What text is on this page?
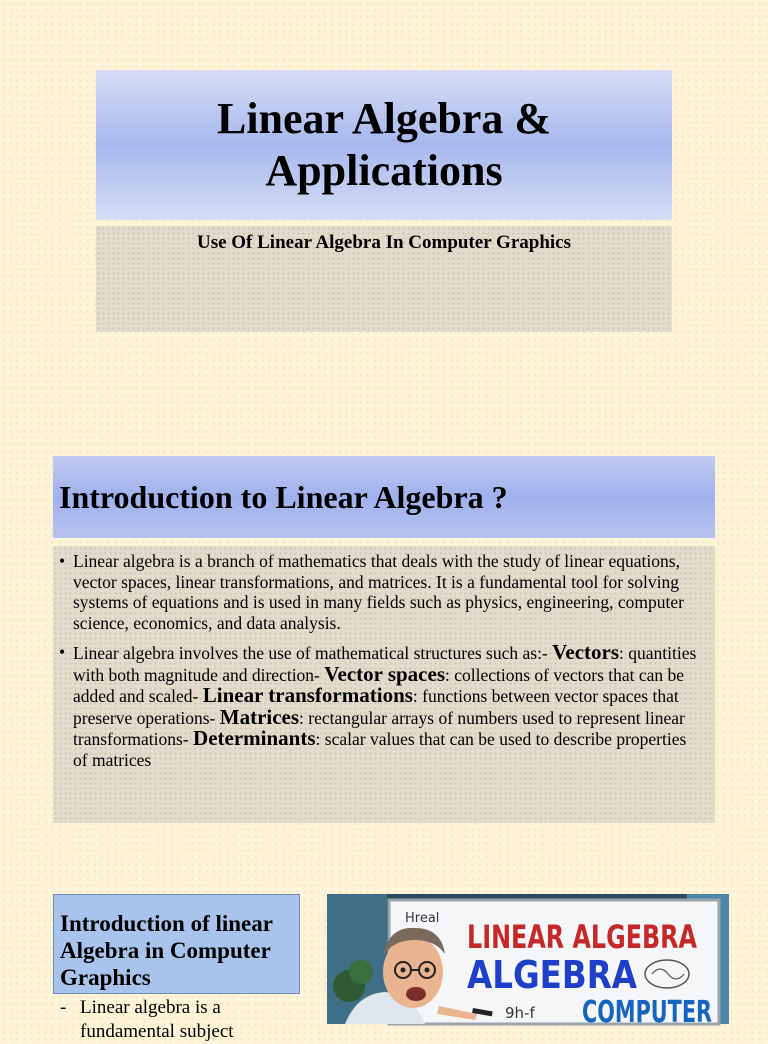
Linear Algebra & Applications
Use Of Linear Algebra In Computer Graphics
Introduction to Linear Algebra ?
• Linear algebra is a branch of mathematics that deals with the study of linear equations, vector spaces, linear transformations, and matrices. It is a fundamental tool for solving systems of equations and is used in many fields such as physics, engineering, computer science, economics, and data analysis.
• Linear algebra involves the use of mathematical structures such as:- Vectors: quantities with both magnitude and direction- Vector spaces: collections of vectors that can be added and scaled- Linear transformations: functions between vector spaces that preserve operations- Matrices: rectangular arrays of numbers used to represent linear transformations- Determinants: scalar values that can be used to describe properties of matrices
Introduction of linear Algebra in Computer Graphics
- Linear algebra is a fundamental subject
Hreal LINEAR ALGEBRA
ALGEBRA
9h-f COMPUTER
